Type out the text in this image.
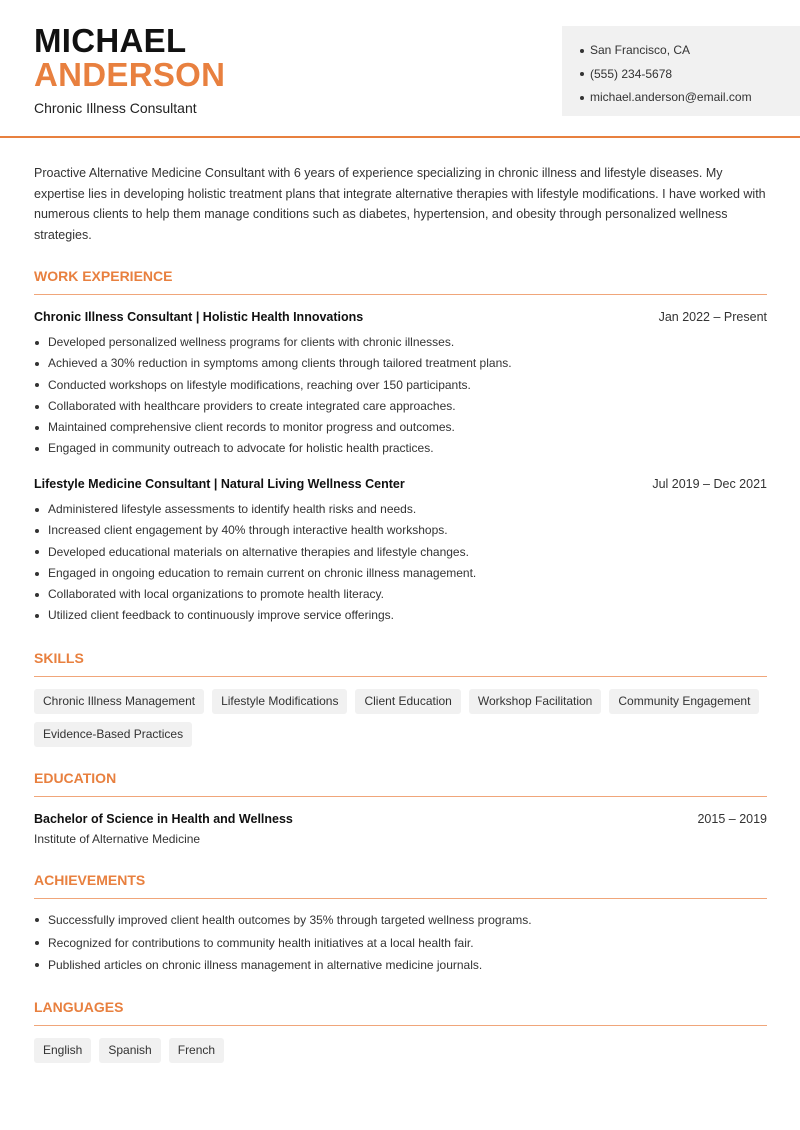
MICHAEL
ANDERSON
Chronic Illness Consultant
San Francisco, CA
(555) 234-5678
michael.anderson@email.com

Proactive Alternative Medicine Consultant with 6 years of experience specializing in chronic illness and lifestyle diseases. My expertise lies in developing holistic treatment plans that integrate alternative therapies with lifestyle modifications. I have worked with numerous clients to help them manage conditions such as diabetes, hypertension, and obesity through personalized wellness strategies.

WORK EXPERIENCE
Chronic Illness Consultant | Holistic Health Innovations	Jan 2022 – Present
Developed personalized wellness programs for clients with chronic illnesses.
Achieved a 30% reduction in symptoms among clients through tailored treatment plans.
Conducted workshops on lifestyle modifications, reaching over 150 participants.
Collaborated with healthcare providers to create integrated care approaches.
Maintained comprehensive client records to monitor progress and outcomes.
Engaged in community outreach to advocate for holistic health practices.
Lifestyle Medicine Consultant | Natural Living Wellness Center	Jul 2019 – Dec 2021
Administered lifestyle assessments to identify health risks and needs.
Increased client engagement by 40% through interactive health workshops.
Developed educational materials on alternative therapies and lifestyle changes.
Engaged in ongoing education to remain current on chronic illness management.
Collaborated with local organizations to promote health literacy.
Utilized client feedback to continuously improve service offerings.
SKILLS
Chronic Illness Management	Lifestyle Modifications	Client Education	Workshop Facilitation	Community Engagement
Evidence-Based Practices
EDUCATION
Bachelor of Science in Health and Wellness	2015 – 2019
Institute of Alternative Medicine
ACHIEVEMENTS
Successfully improved client health outcomes by 35% through targeted wellness programs.
Recognized for contributions to community health initiatives at a local health fair.
Published articles on chronic illness management in alternative medicine journals.
LANGUAGES
English	Spanish	French
